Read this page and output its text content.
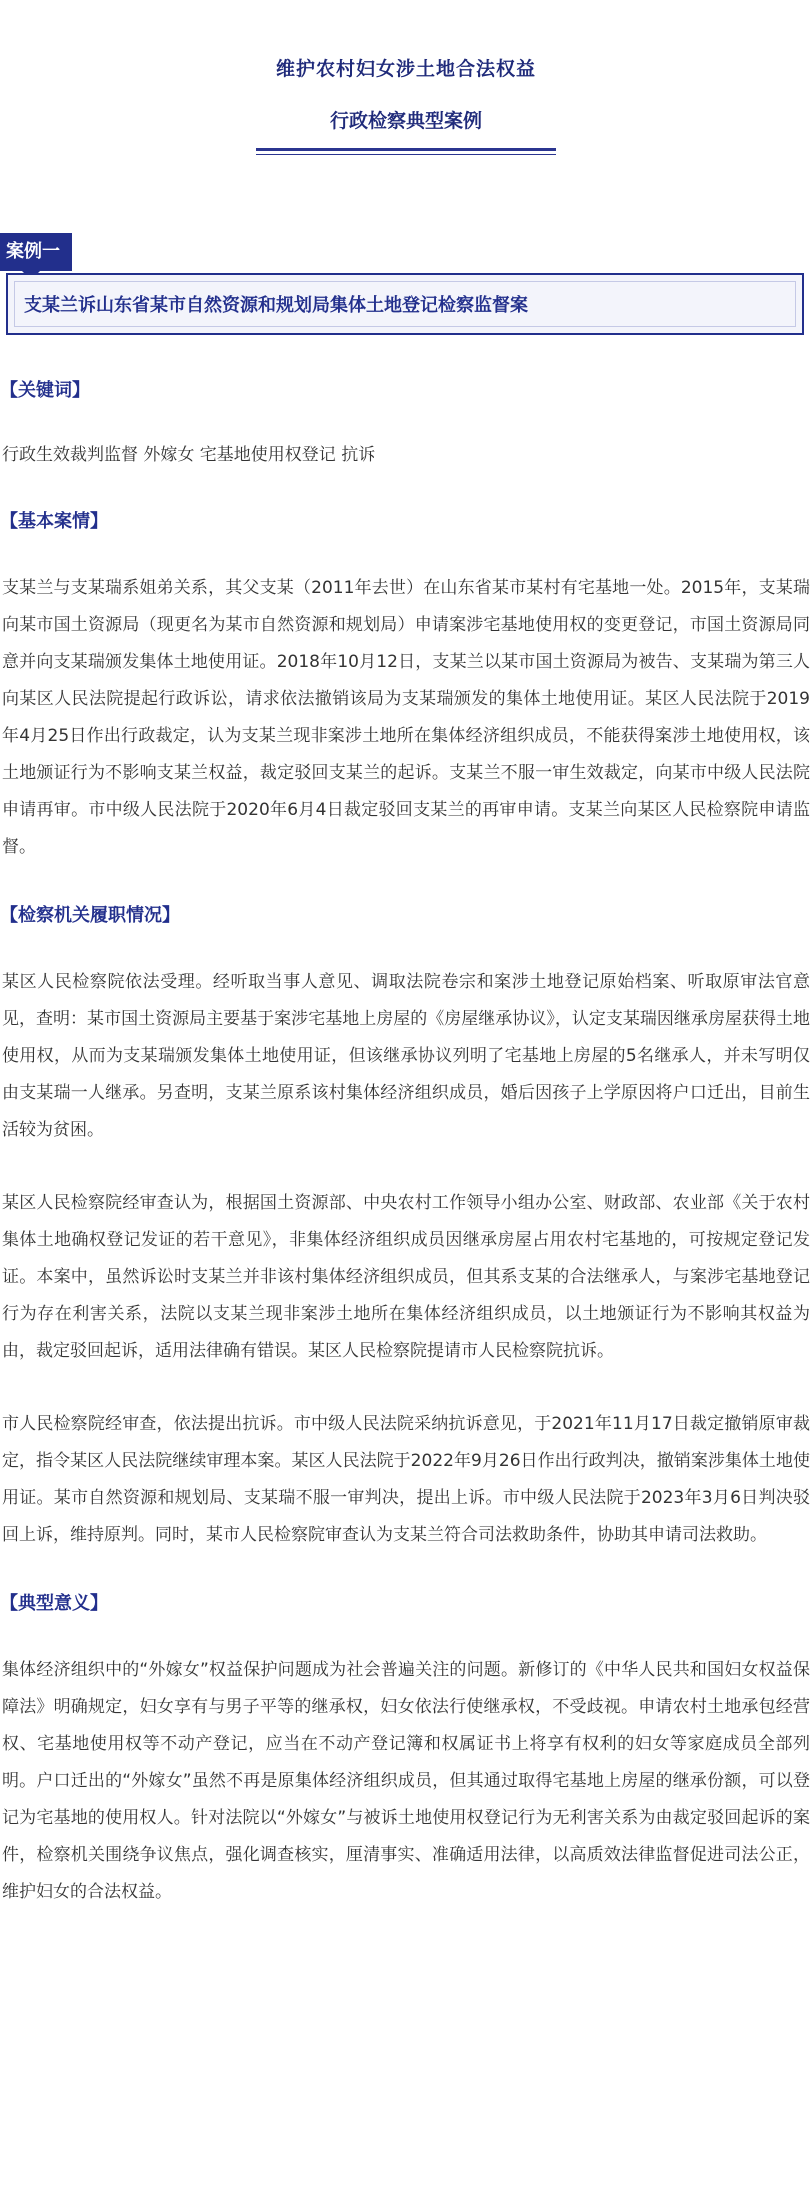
维护农村妇女涉土地合法权益
行政检察典型案例
案例一
支某兰诉山东省某市自然资源和规划局集体土地登记检察监督案
【关键词】

行政生效裁判监督 外嫁女 宅基地使用权登记 抗诉

【基本案情】

支某兰与支某瑞系姐弟关系，其父支某（2011年去世）在山东省某市某村有宅基地一处。2015年，支某瑞向某市国土资源局（现更名为某市自然资源和规划局）申请案涉宅基地使用权的变更登记，市国土资源局同意并向支某瑞颁发集体土地使用证。2018年10月12日，支某兰以某市国土资源局为被告、支某瑞为第三人向某区人民法院提起行政诉讼，请求依法撤销该局为支某瑞颁发的集体土地使用证。某区人民法院于2019年4月25日作出行政裁定，认为支某兰现非案涉土地所在集体经济组织成员，不能获得案涉土地使用权，该土地颁证行为不影响支某兰权益，裁定驳回支某兰的起诉。支某兰不服一审生效裁定，向某市中级人民法院申请再审。市中级人民法院于2020年6月4日裁定驳回支某兰的再审申请。支某兰向某区人民检察院申请监督。

【检察机关履职情况】

某区人民检察院依法受理。经听取当事人意见、调取法院卷宗和案涉土地登记原始档案、听取原审法官意见，查明：某市国土资源局主要基于案涉宅基地上房屋的《房屋继承协议》，认定支某瑞因继承房屋获得土地使用权，从而为支某瑞颁发集体土地使用证，但该继承协议列明了宅基地上房屋的5名继承人，并未写明仅由支某瑞一人继承。另查明，支某兰原系该村集体经济组织成员，婚后因孩子上学原因将户口迁出，目前生活较为贫困。

某区人民检察院经审查认为，根据国土资源部、中央农村工作领导小组办公室、财政部、农业部《关于农村集体土地确权登记发证的若干意见》，非集体经济组织成员因继承房屋占用农村宅基地的，可按规定登记发证。本案中，虽然诉讼时支某兰并非该村集体经济组织成员，但其系支某的合法继承人，与案涉宅基地登记行为存在利害关系，法院以支某兰现非案涉土地所在集体经济组织成员，以土地颁证行为不影响其权益为由，裁定驳回起诉，适用法律确有错误。某区人民检察院提请市人民检察院抗诉。

市人民检察院经审查，依法提出抗诉。市中级人民法院采纳抗诉意见，于2021年11月17日裁定撤销原审裁定，指令某区人民法院继续审理本案。某区人民法院于2022年9月26日作出行政判决，撤销案涉集体土地使用证。某市自然资源和规划局、支某瑞不服一审判决，提出上诉。市中级人民法院于2023年3月6日判决驳回上诉，维持原判。同时，某市人民检察院审查认为支某兰符合司法救助条件，协助其申请司法救助。

【典型意义】

集体经济组织中的“外嫁女”权益保护问题成为社会普遍关注的问题。新修订的《中华人民共和国妇女权益保障法》明确规定，妇女享有与男子平等的继承权，妇女依法行使继承权，不受歧视。申请农村土地承包经营权、宅基地使用权等不动产登记，应当在不动产登记簿和权属证书上将享有权利的妇女等家庭成员全部列明。户口迁出的“外嫁女”虽然不再是原集体经济组织成员，但其通过取得宅基地上房屋的继承份额，可以登记为宅基地的使用权人。针对法院以“外嫁女”与被诉土地使用权登记行为无利害关系为由裁定驳回起诉的案件，检察机关围绕争议焦点，强化调查核实，厘清事实、准确适用法律，以高质效法律监督促进司法公正，维护妇女的合法权益。
